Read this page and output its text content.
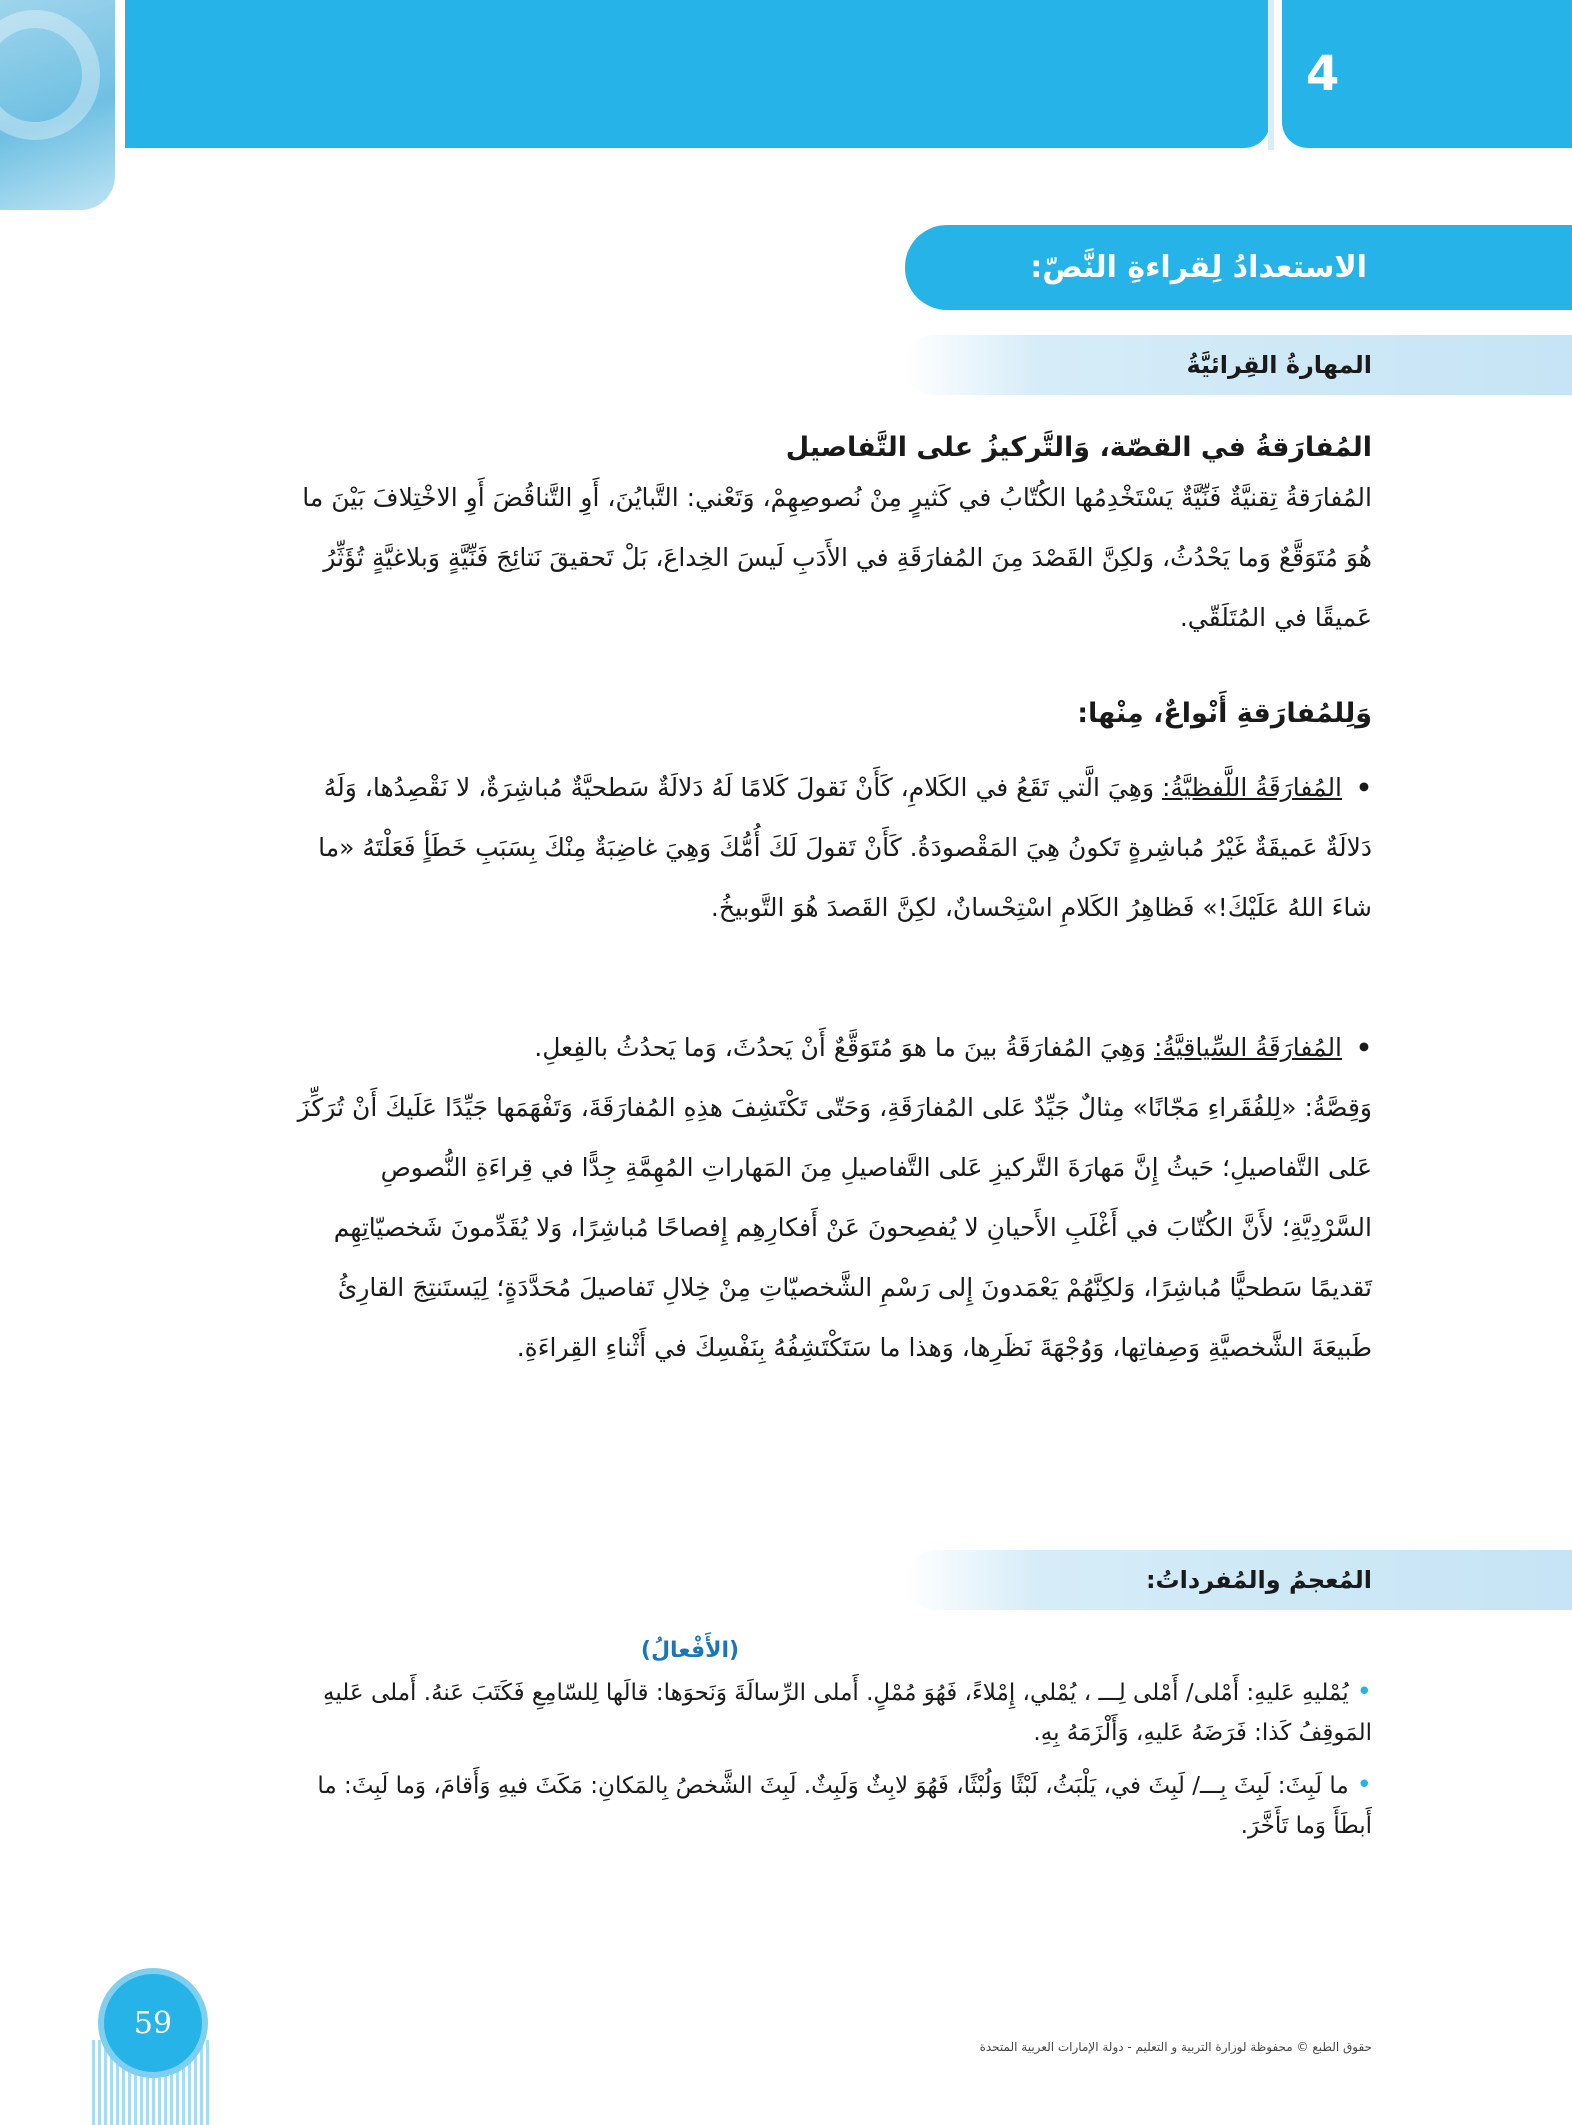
4
الاستعدادُ لِقراءةِ النَّصّ:
المهارةُ القِرائيَّةُ
المُفارَقةُ في القصّة، وَالتَّركيزُ على التَّفاصيل
المُفارَقةُ تِقنيَّةٌ فَنِّيَّةٌ يَسْتَخْدِمُها الكُتّابُ في كَثيرٍ مِنْ نُصوصِهِمْ، وَتَعْني: التَّبايُنَ، أَوِ التَّناقُضَ أَوِ الاخْتِلافَ بَيْنَ ما هُوَ مُتَوَقَّعٌ وَما يَحْدُثُ، وَلكِنَّ القَصْدَ مِنَ المُفارَقَةِ في الأَدَبِ لَيسَ الخِداعَ، بَلْ تَحقيقَ نَتائِجَ فَنِّيَّةٍ وَبلاغيَّةٍ تُؤَثِّرُ عَميقًا في المُتَلَقّي.
وَلِلمُفارَقةِ أَنْواعٌ، مِنْها:
•المُفارَقَةُ اللَّفظيَّةُ: وَهِيَ الَّتي تَقَعُ في الكَلامِ، كَأَنْ نَقولَ كَلامًا لَهُ دَلالَةٌ سَطحيَّةٌ مُباشِرَةٌ، لا نَقْصِدُها، وَلَهُ دَلالَةٌ عَميقَةٌ غَيْرُ مُباشِرةٍ تَكونُ هِيَ المَقْصودَةُ. كَأَنْ تَقولَ لَكَ أُمُّكَ وَهِيَ غاضِبَةٌ مِنْكَ بِسَبَبِ خَطَأٍ فَعَلْتَهُ «ما شاءَ اللهُ عَلَيْكَ!» فَظاهِرُ الكَلامِ اسْتِحْسانٌ، لكِنَّ القَصدَ هُوَ التَّوبيخُ.
•المُفارَقَةُ السِّياقيَّةُ: وَهِيَ المُفارَقَةُ بينَ ما هوَ مُتَوَقَّعٌ أَنْ يَحدُثَ، وَما يَحدُثُ بالفِعلِ.
وَقِصَّةُ: «لِلفُقَراءِ مَجّانًا» مِثالٌ جَيِّدٌ عَلى المُفارَقَةِ، وَحَتّى تَكْتَشِفَ هذِهِ المُفارَقَةَ، وَتَفْهَمَها جَيِّدًا عَلَيكَ أَنْ تُرَكِّزَ عَلى التَّفاصيلِ؛ حَيثُ إِنَّ مَهارَةَ التَّركيزِ عَلى التَّفاصيلِ مِنَ المَهاراتِ المُهِمَّةِ جِدًّا في قِراءَةِ النُّصوصِ السَّرْدِيَّةِ؛ لأَنَّ الكُتّابَ في أَغْلَبِ الأَحيانِ لا يُفصِحونَ عَنْ أَفكارِهِم إِفصاحًا مُباشِرًا، وَلا يُقَدِّمونَ شَخصيّاتِهِم تَقديمًا سَطحيًّا مُباشِرًا، وَلكِنَّهُمْ يَعْمَدونَ إِلى رَسْمِ الشَّخصيّاتِ مِنْ خِلالِ تَفاصيلَ مُحَدَّدَةٍ؛ لِيَستَنتِجَ القارِئُ طَبيعَةَ الشَّخصيَّةِ وَصِفاتِها، وَوُجْهَةَ نَظَرِها، وَهذا ما سَتَكْتَشِفُهُ بِنَفْسِكَ في أَثْناءِ القِراءَةِ.
المُعجمُ والمُفرداتُ:
(الأَفْعالُ)
•يُمْليهِ عَليهِ: أَمْلى/ أَمْلى لِـــ ، يُمْلي، إِمْلاءً، فَهُوَ مُمْلٍ. أَملى الرِّسالَةَ وَنَحوَها: قالَها لِلسّامِعِ فَكَتَبَ عَنهُ. أَملى عَليهِ المَوقِفُ كَذا: فَرَضَهُ عَليهِ، وَأَلْزَمَهُ بِهِ.
•ما لَبِثَ: لَبِثَ بِـــ/ لَبِثَ في، يَلْبَثُ، لَبْثًا وَلُبْثًا، فَهُوَ لابِثٌ وَلَبِثٌ. لَبِثَ الشَّخصُ بِالمَكانِ: مَكَثَ فيهِ وَأَقامَ، وَما لَبِثَ: ما أَبطَأَ وَما تَأَخَّرَ.
59
حقوق الطبع © محفوظة لوزارة التربية و التعليم - دولة الإمارات العربية المتحدة
